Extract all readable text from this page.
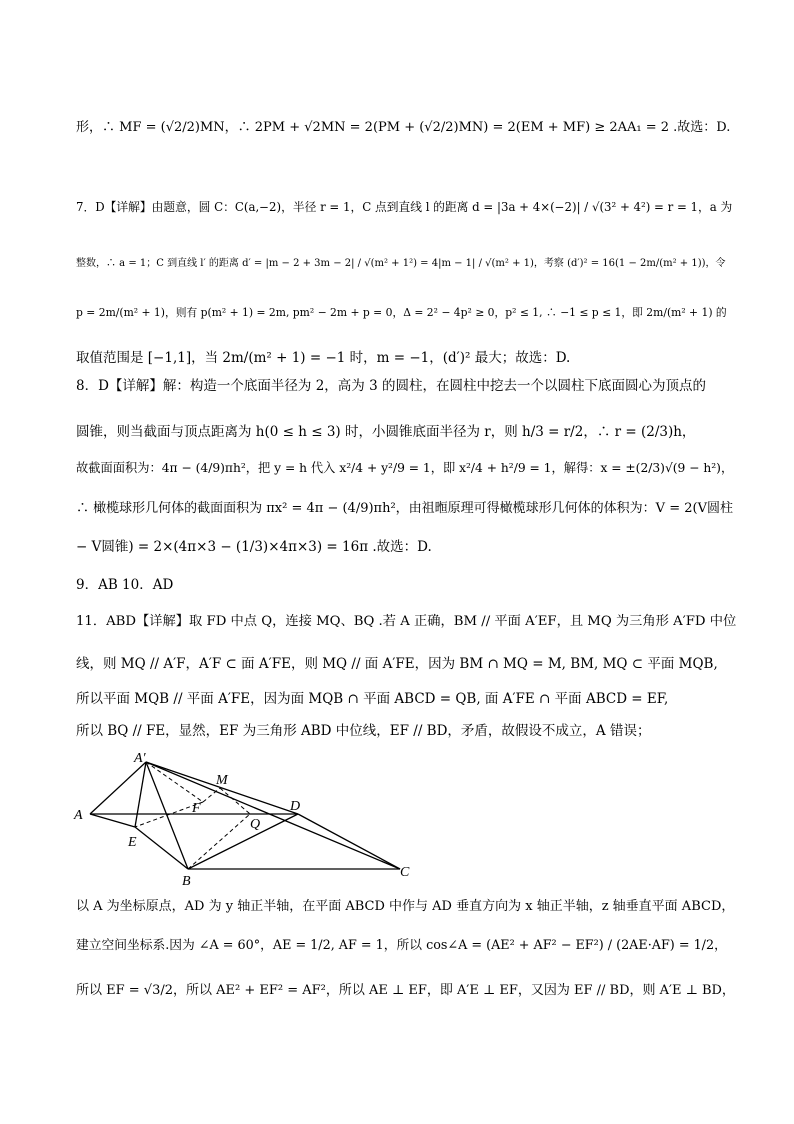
形，∴ MF = (√2/2)MN，∴ 2PM + √2MN = 2(PM + (√2/2)MN) = 2(EM + MF) ≥ 2AA₁ = 2 .故选：D.
7．D【详解】由题意，圆 C：C(a,−2)，半径 r = 1，C 点到直线 l 的距离 d = |3a + 4×(−2)| / √(3² + 4²) = r = 1，a 为
整数，∴ a = 1；C 到直线 l′ 的距离 d′ = |m − 2 + 3m − 2| / √(m² + 1²) = 4|m − 1| / √(m² + 1)，考察 (d′)² = 16(1 − 2m/(m² + 1))，令
p = 2m/(m² + 1)，则有 p(m² + 1) = 2m, pm² − 2m + p = 0，Δ = 2² − 4p² ≥ 0，p² ≤ 1, ∴ −1 ≤ p ≤ 1，即 2m/(m² + 1) 的
取值范围是 [−1,1]，当 2m/(m² + 1) = −1 时，m = −1，(d′)² 最大；故选：D.
8．D【详解】解：构造一个底面半径为 2，高为 3 的圆柱，在圆柱中挖去一个以圆柱下底面圆心为顶点的
圆锥，则当截面与顶点距离为 h(0 ≤ h ≤ 3) 时，小圆锥底面半径为 r，则 h/3 = r/2，∴ r = (2/3)h，
故截面面积为：4π − (4/9)πh²，把 y = h 代入 x²/4 + y²/9 = 1，即 x²/4 + h²/9 = 1，解得：x = ±(2/3)√(9 − h²)，
∴ 橄榄球形几何体的截面面积为 πx² = 4π − (4/9)πh²，由祖暅原理可得橄榄球形几何体的体积为：V = 2(V圆柱
− V圆锥) = 2×(4π×3 − (1/3)×4π×3) = 16π .故选：D.
9．AB 10．AD
11．ABD【详解】取 FD 中点 Q，连接 MQ、BQ .若 A 正确，BM // 平面 A′EF，且 MQ 为三角形 A′FD 中位
线，则 MQ // A′F，A′F ⊂ 面 A′FE，则 MQ // 面 A′FE，因为 BM ∩ MQ = M, BM, MQ ⊂ 平面 MQB,
所以平面 MQB // 平面 A′FE，因为面 MQB ∩ 平面 ABCD = QB, 面 A′FE ∩ 平面 ABCD = EF,
所以 BQ // FE，显然，EF 为三角形 ABD 中位线，EF // BD，矛盾，故假设不成立，A 错误；
A′
M
F	D
A
Q
E
B
C
以 A 为坐标原点，AD 为 y 轴正半轴，在平面 ABCD 中作与 AD 垂直方向为 x 轴正半轴，z 轴垂直平面 ABCD，
建立空间坐标系.因为 ∠A = 60°，AE = 1/2, AF = 1，所以 cos∠A = (AE² + AF² − EF²) / (2AE·AF) = 1/2，
所以 EF = √3/2，所以 AE² + EF² = AF²，所以 AE ⊥ EF，即 A′E ⊥ EF，又因为 EF // BD，则 A′E ⊥ BD，
